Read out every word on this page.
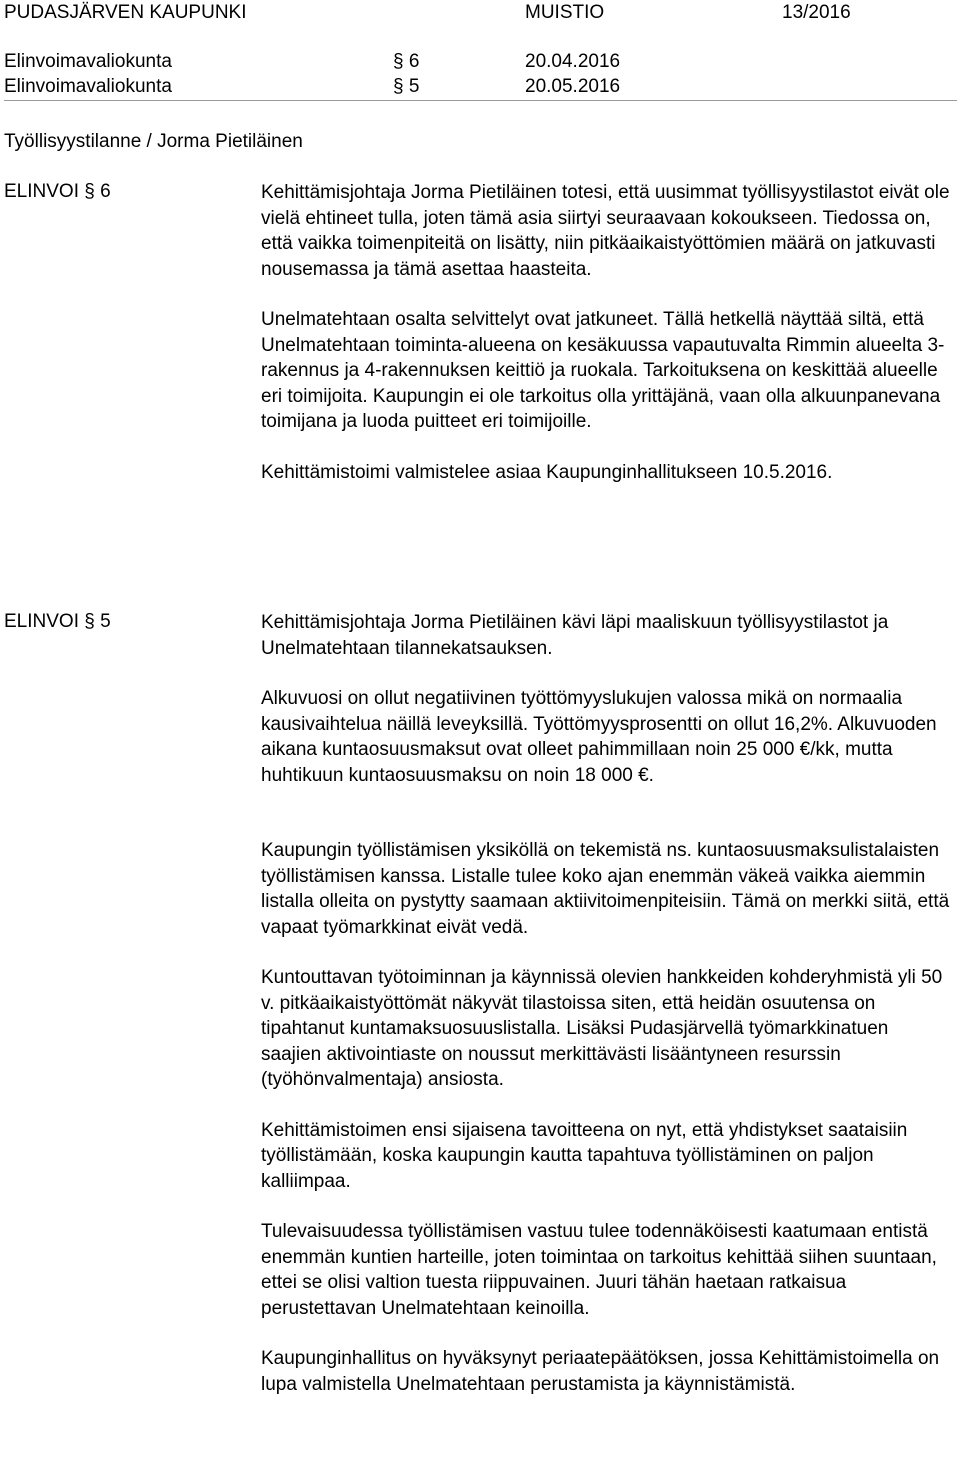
PUDASJÄRVEN KAUPUNKI	MUISTIO	13/2016
Elinvoimavaliokunta	§ 6	20.04.2016
Elinvoimavaliokunta	§ 5	20.05.2016
Työllisyystilanne / Jorma Pietiläinen
ELINVOI § 6	Kehittämisjohtaja Jorma Pietiläinen totesi, että uusimmat työllisyystilastot eivät ole vielä ehtineet tulla, joten tämä asia siirtyi seuraavaan kokoukseen. Tiedossa on, että vaikka toimenpiteitä on lisätty, niin pitkäaikaistyöttömien määrä on jatkuvasti nousemassa ja tämä asettaa haasteita.

Unelmatehtaan osalta selvittelyt ovat jatkuneet. Tällä hetkellä näyttää siltä, että Unelmatehtaan toiminta-alueena on kesäkuussa vapautuvalta Rimmin alueelta 3-rakennus ja 4-rakennuksen keittiö ja ruokala. Tarkoituksena on keskittää alueelle eri toimijoita. Kaupungin ei ole tarkoitus olla yrittäjänä, vaan olla alkuunpanevana toimijana ja luoda puitteet eri toimijoille.

Kehittämistoimi valmistelee asiaa Kaupunginhallitukseen 10.5.2016.

ELINVOI § 5	Kehittämisjohtaja Jorma Pietiläinen kävi läpi maaliskuun työllisyystilastot ja Unelmatehtaan tilannekatsauksen.

Alkuvuosi on ollut negatiivinen työttömyyslukujen valossa mikä on normaalia kausivaihtelua näillä leveyksillä. Työttömyysprosentti on ollut 16,2%. Alkuvuoden aikana kuntaosuusmaksut ovat olleet pahimmillaan noin 25 000 €/kk, mutta huhtikuun kuntaosuusmaksu on noin 18 000 €.

Kaupungin työllistämisen yksiköllä on tekemistä ns. kuntaosuusmaksulistalaisten työllistämisen kanssa. Listalle tulee koko ajan enemmän väkeä vaikka aiemmin listalla olleita on pystytty saamaan aktiivitoimenpiteisiin. Tämä on merkki siitä, että vapaat työmarkkinat eivät vedä.

Kuntouttavan työtoiminnan ja käynnissä olevien hankkeiden kohderyhmistä yli 50 v. pitkäaikaistyöttömät näkyvät tilastoissa siten, että heidän osuutensa on tipahtanut kuntamaksuosuuslistalla. Lisäksi Pudasjärvellä työmarkkinatuen saajien aktivointiaste on noussut merkittävästi lisääntyneen resurssin (työhönvalmentaja) ansiosta.

Kehittämistoimen ensi sijaisena tavoitteena on nyt, että yhdistykset saataisiin työllistämään, koska kaupungin kautta tapahtuva työllistäminen on paljon kalliimpaa.

Tulevaisuudessa työllistämisen vastuu tulee todennäköisesti kaatumaan entistä enemmän kuntien harteille, joten toimintaa on tarkoitus kehittää siihen suuntaan, ettei se olisi valtion tuesta riippuvainen. Juuri tähän haetaan ratkaisua perustettavan Unelmatehtaan keinoilla.

Kaupunginhallitus on hyväksynyt periaatepäätöksen, jossa Kehittämistoimella on lupa valmistella Unelmatehtaan perustamista ja käynnistämistä.
